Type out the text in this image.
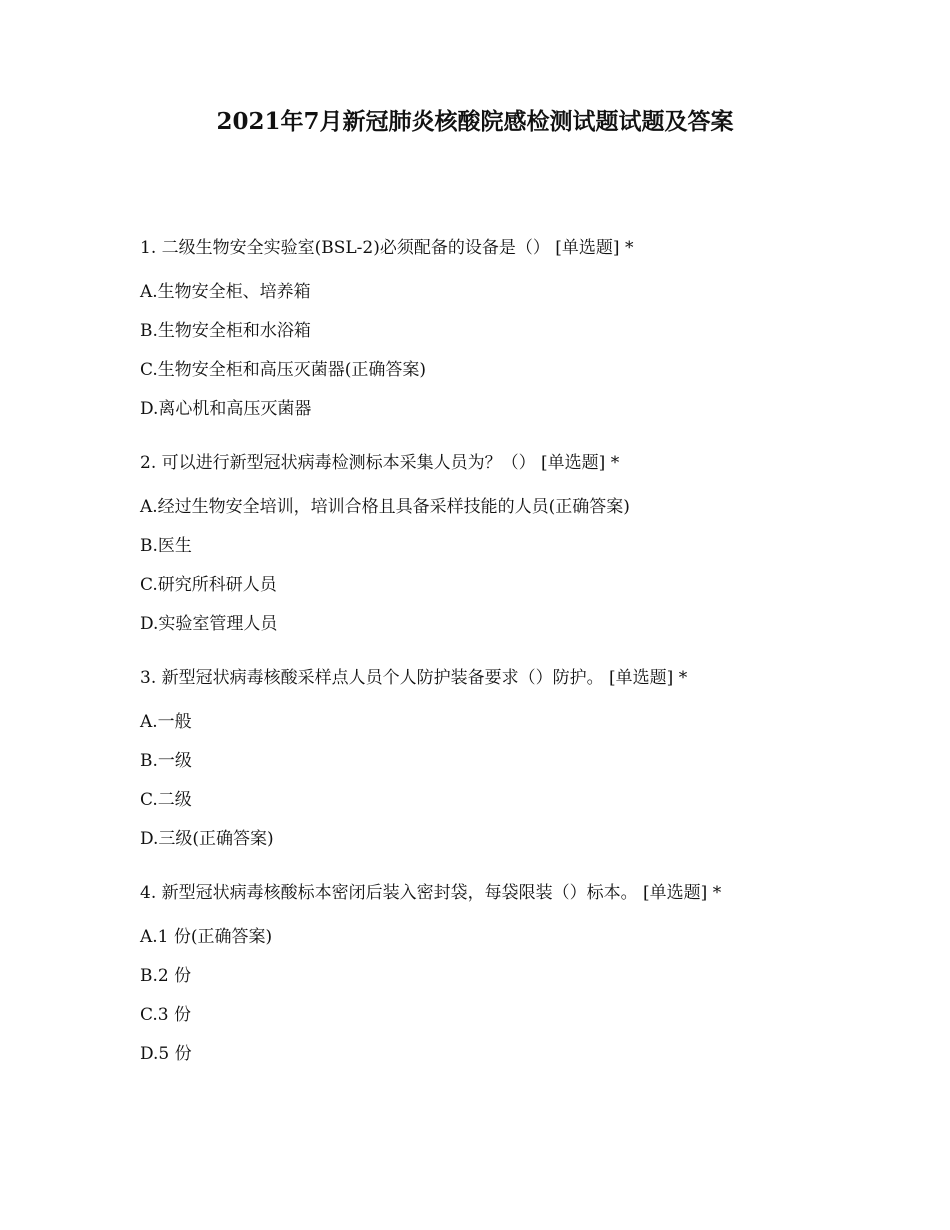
2021年7月新冠肺炎核酸院感检测试题试题及答案
1. 二级生物安全实验室(BSL-2)必须配备的设备是（） [单选题] *
A.生物安全柜、培养箱
B.生物安全柜和水浴箱
C.生物安全柜和高压灭菌器(正确答案)
D.离心机和高压灭菌器
2. 可以进行新型冠状病毒检测标本采集人员为？（） [单选题] *
A.经过生物安全培训，培训合格且具备采样技能的人员(正确答案)
B.医生
C.研究所科研人员
D.实验室管理人员
3. 新型冠状病毒核酸采样点人员个人防护装备要求（）防护。 [单选题] *
A.一般
B.一级
C.二级
D.三级(正确答案)
4. 新型冠状病毒核酸标本密闭后装入密封袋，每袋限装（）标本。 [单选题] *
A.1 份(正确答案)
B.2 份
C.3 份
D.5 份
